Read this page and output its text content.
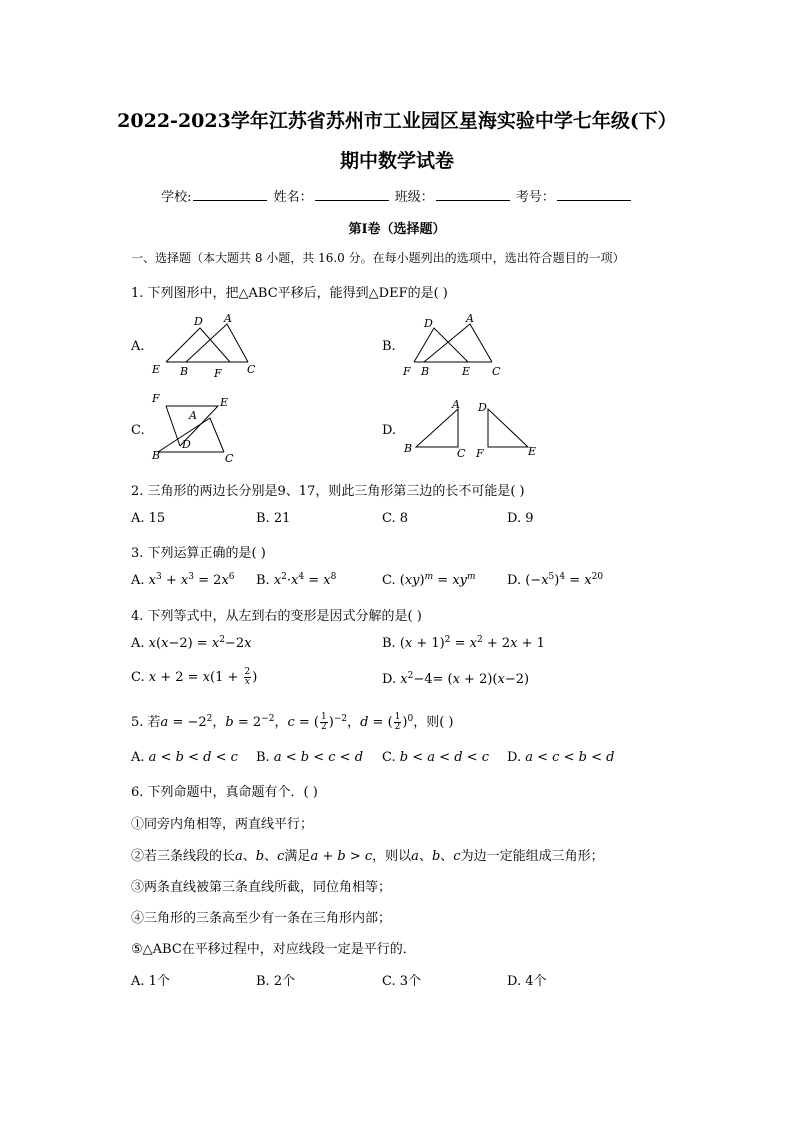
2022-2023学年江苏省苏州市工业园区星海实验中学七年级(下）
期中数学试卷
学校:	姓名：	班级：	考号：
第Ⅰ卷（选择题）
一、选择题（本大题共 8 小题，共 16.0 分。在每小题列出的选项中，选出符合题目的一项）
1. 下列图形中，把△ABC平移后，能得到△DEF的是( )
A.
D A
E B F C
B.
D	A
F B	E C
C.
F	E
A
D
B	C
D.
A
B	C
D
F	E
2. 三角形的两边长分别是9、17，则此三角形第三边的长不可能是( )
A. 15	B. 21	C. 8	D. 9
3. 下列运算正确的是( )
A. $x^3 + x^3 = 2x^6$ B. $x^2\cdot x^4 = x^8$	C. $(xy)^m = xy^m$ D. $(-x^5)^4 = x^{20}$
4. 下列等式中，从左到右的变形是因式分解的是( )
A. $x(x-2) = x^2-2x$	B. $(x + 1)^2 = x^2 + 2x + 1$
C. $x + 2 = x(1 + \frac{2}{x}$ )	D. $x^2-4= (x + 2)(x-2)$
5. 若$a = -2^2$，$b = 2^{-2}$，c = ( $\frac{1}{2} )^{-2}$，d = ( $\frac{1}{2} )^0$，则( )
A. a < b < d < c B. a < b < c < d C. b < a < d < c D. a < c < b < d
6. 下列命题中，真命题有个．( )
①同旁内角相等，两直线平行；
②若三条线段的长a、b、c满足a + b > c，则以a、b、c为边一定能组成三角形；
③两条直线被第三条直线所截，同位角相等；
④三角形的三条高至少有一条在三角形内部；
⑤△ABC在平移过程中，对应线段一定是平行的．
A. 1个	B. 2个	C. 3个	D. 4个
